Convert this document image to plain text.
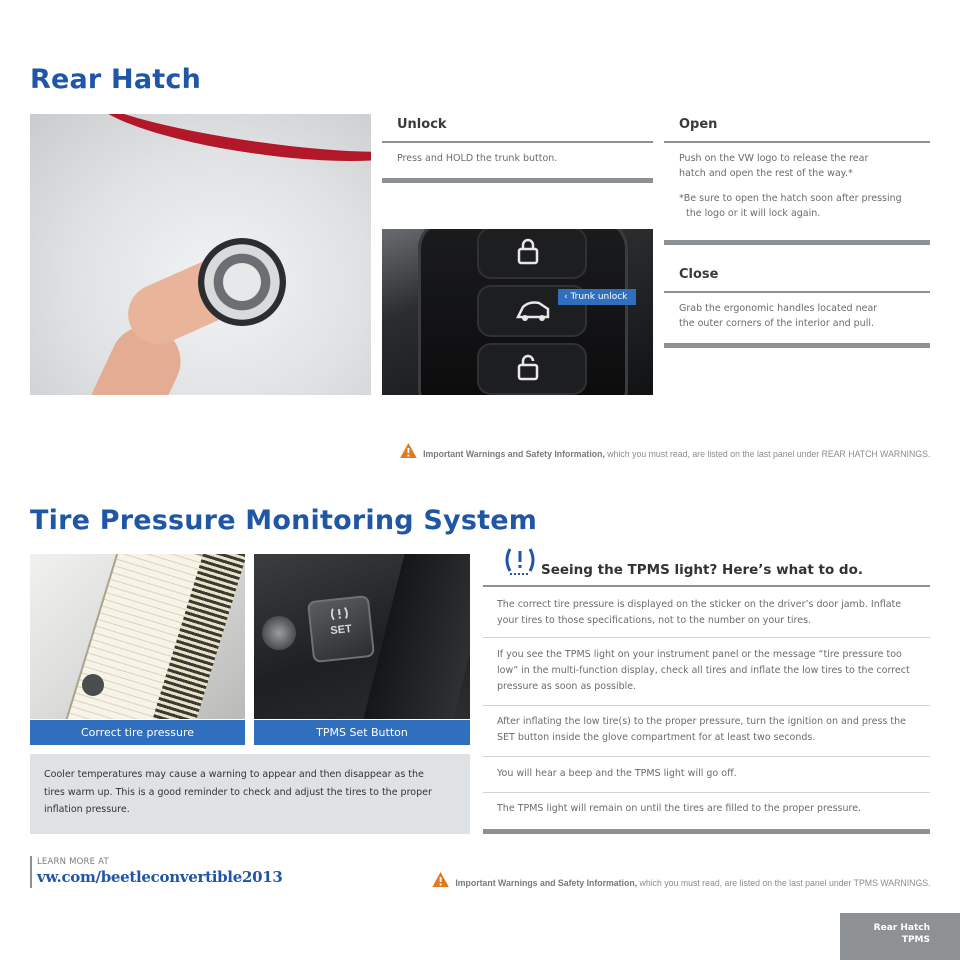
Rear Hatch
Unlock
Press and HOLD the trunk button.
‹ Trunk unlock
Open
Push on the VW logo to release the rear
hatch and open the rest of the way.*
*Be sure to open the hatch soon after pressing
the logo or it will lock again.
Close
Grab the ergonomic handles located near
the outer corners of the interior and pull.
Important Warnings and Safety Information, which you must read, are listed on the last panel under REAR HATCH WARNINGS.
Tire Pressure Monitoring System
SET
Correct tire pressure	TPMS Set Button
Cooler temperatures may cause a warning to appear and then disappear as the
tires warm up. This is a good reminder to check and adjust the tires to the proper
inflation pressure.
Seeing the TPMS light? Here’s what to do.
The correct tire pressure is displayed on the sticker on the driver’s door jamb. Inflate
your tires to those specifications, not to the number on your tires.
If you see the TPMS light on your instrument panel or the message “tire pressure too
low” in the multi-function display, check all tires and inflate the low tires to the correct
pressure as soon as possible.
After inflating the low tire(s) to the proper pressure, turn the ignition on and press the
SET button inside the glove compartment for at least two seconds.
You will hear a beep and the TPMS light will go off.
The TPMS light will remain on until the tires are filled to the proper pressure.
LEARN MORE AT
vw.com/beetleconvertible2013	Important Warnings and Safety Information, which you must read, are listed on the last panel under TPMS WARNINGS.
Rear Hatch
TPMS
